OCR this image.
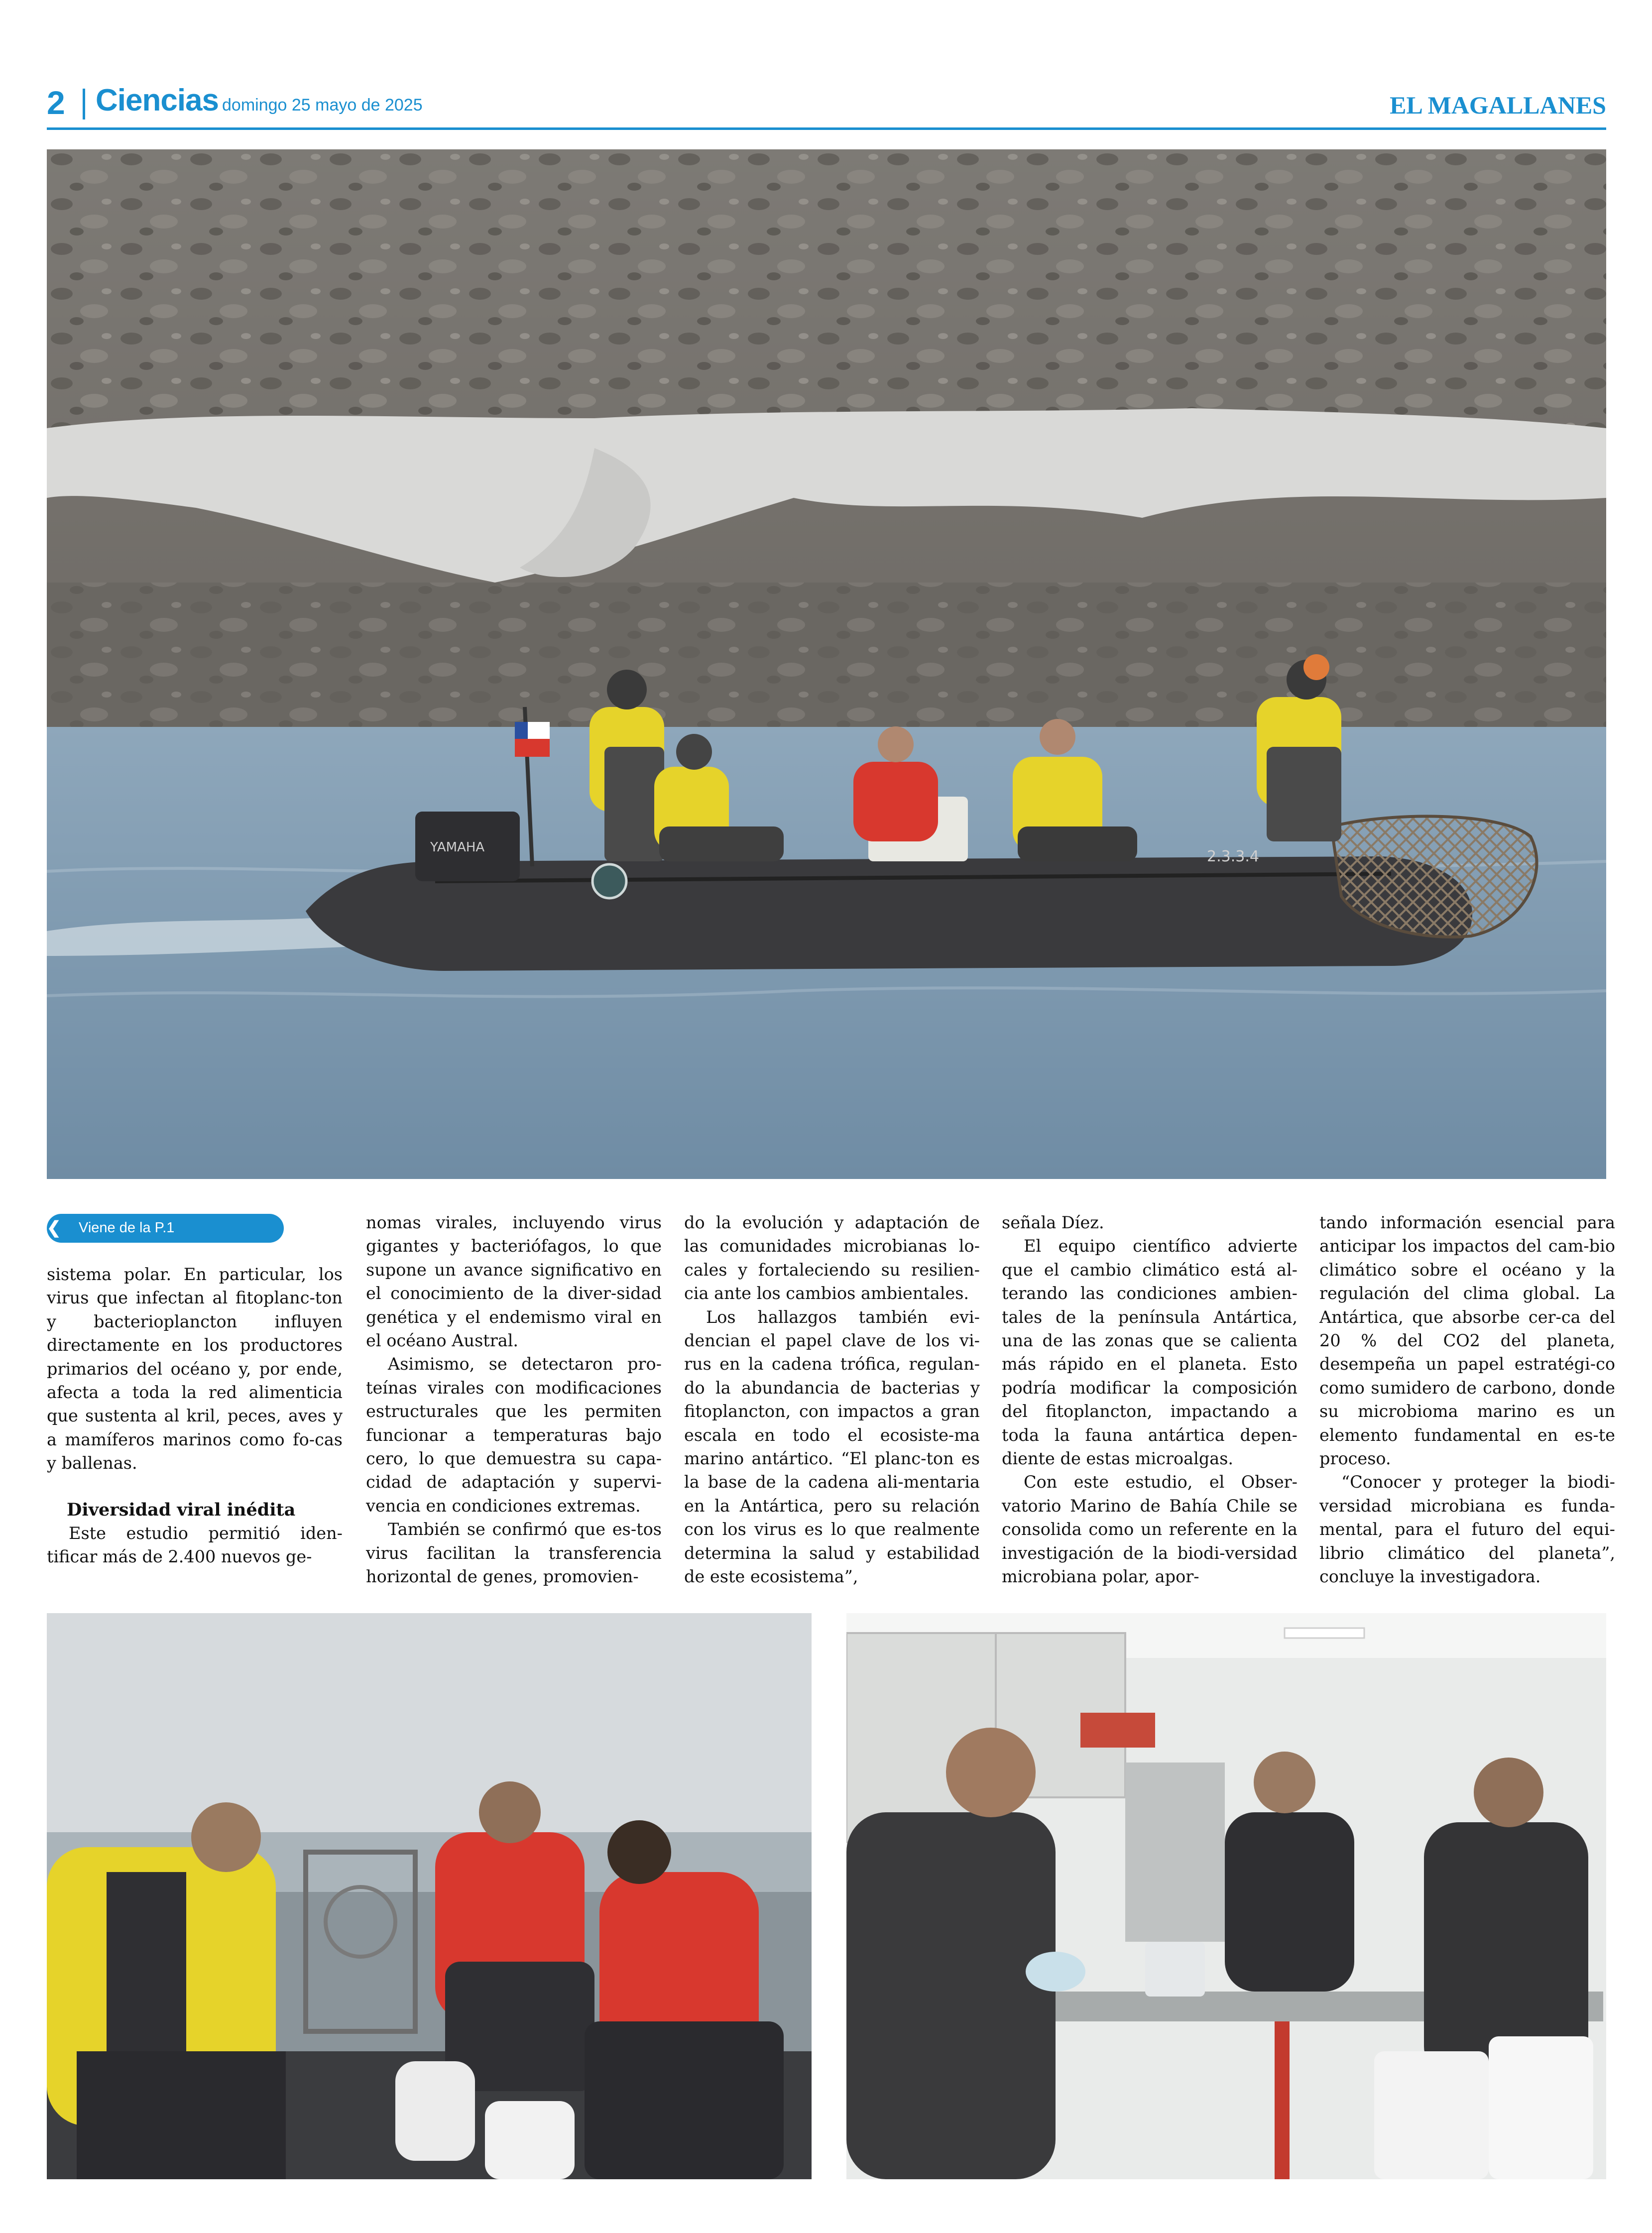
2 Ciencias domingo 25 mayo de 2025	EL MAGALLANES
2.3.3.4
YAMAHA
❮	Viene de la P.1

sistema polar. En particular, los virus que infectan al fitoplanc-ton y bacterioplancton influyen directamente en los productores primarios del océano y, por ende, afecta a toda la red alimenticia que sustenta al kril, peces, aves y a mamíferos marinos como fo-cas y ballenas.

Diversidad viral inédita

Este estudio permitió iden-tificar más de 2.400 nuevos ge-

nomas virales, incluyendo virus gigantes y bacteriófagos, lo que supone un avance significativo en el conocimiento de la diver-sidad genética y el endemismo viral en el océano Austral.

Asimismo, se detectaron pro-teínas virales con modificaciones estructurales que les permiten funcionar a temperaturas bajo cero, lo que demuestra su capa-cidad de adaptación y supervi-vencia en condiciones extremas.

También se confirmó que es-tos virus facilitan la transferencia horizontal de genes, promovien-

do la evolución y adaptación de las comunidades microbianas lo-cales y fortaleciendo su resilien-cia ante los cambios ambientales.

Los hallazgos también evi-dencian el papel clave de los vi-rus en la cadena trófica, regulan-do la abundancia de bacterias y fitoplancton, con impactos a gran escala en todo el ecosiste-ma marino antártico. “El planc-ton es la base de la cadena ali-mentaria en la Antártica, pero su relación con los virus es lo que realmente determina la salud y estabilidad de este ecosistema”,

señala Díez.

El equipo científico advierte que el cambio climático está al-terando las condiciones ambien-tales de la península Antártica, una de las zonas que se calienta más rápido en el planeta. Esto podría modificar la composición del fitoplancton, impactando a toda la fauna antártica depen-diente de estas microalgas.

Con este estudio, el Obser-vatorio Marino de Bahía Chile se consolida como un referente en la investigación de la biodi-versidad microbiana polar, apor-

tando información esencial para anticipar los impactos del cam-bio climático sobre el océano y la regulación del clima global. La Antártica, que absorbe cer-ca del 20 % del CO2 del planeta, desempeña un papel estratégi-co como sumidero de carbono, donde su microbioma marino es un elemento fundamental en es-te proceso.

“Conocer y proteger la biodi-versidad microbiana es funda-mental, para el futuro del equi-librio climático del planeta”, concluye la investigadora.
